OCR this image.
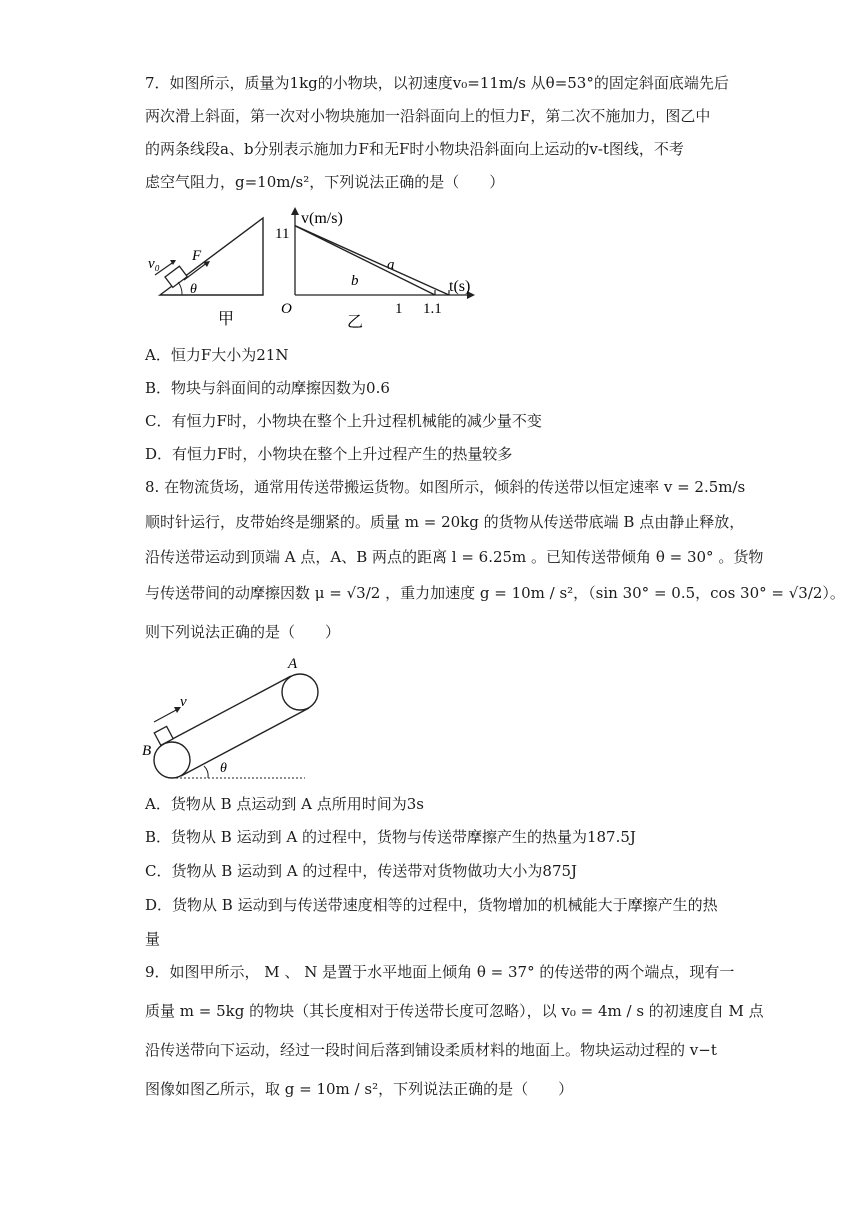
7．如图所示，质量为1kg的小物块，以初速度v₀=11m/s 从θ=53°的固定斜面底端先后
两次滑上斜面，第一次对小物块施加一沿斜面向上的恒力F，第二次不施加力，图乙中
的两条线段a、b分别表示施加力F和无F时小物块沿斜面向上运动的v-t图线，不考
虑空气阻力，g=10m/s²，下列说法正确的是（　　）
v₀ F
θ
甲
v(m/s)
t(s)
11
O	1 1.1
a
b
乙
A．恒力F大小为21N
B．物块与斜面间的动摩擦因数为0.6
C．有恒力F时，小物块在整个上升过程机械能的减少量不变
D．有恒力F时，小物块在整个上升过程产生的热量较多
8. 在物流货场，通常用传送带搬运货物。如图所示，倾斜的传送带以恒定速率 v = 2.5m/s
顺时针运行，皮带始终是绷紧的。质量 m = 20kg 的货物从传送带底端 B 点由静止释放，
沿传送带运动到顶端 A 点，A、B 两点的距离 l = 6.25m 。已知传送带倾角 θ = 30° 。货物
与传送带间的动摩擦因数 μ = √3/2 ，重力加速度 g = 10m / s²，（sin 30° = 0.5，cos 30° = √3/2）。
则下列说法正确的是（　　）
A
B
v
θ
A．货物从 B 点运动到 A 点所用时间为3s
B．货物从 B 运动到 A 的过程中，货物与传送带摩擦产生的热量为187.5J
C．货物从 B 运动到 A 的过程中，传送带对货物做功大小为875J
D．货物从 B 运动到与传送带速度相等的过程中，货物增加的机械能大于摩擦产生的热
量
9．如图甲所示， M 、 N 是置于水平地面上倾角 θ = 37° 的传送带的两个端点，现有一
质量 m = 5kg 的物块（其长度相对于传送带长度可忽略），以 v₀ = 4m / s 的初速度自 M 点
沿传送带向下运动，经过一段时间后落到铺设柔质材料的地面上。物块运动过程的 v−t
图像如图乙所示，取 g = 10m / s²，下列说法正确的是（　　）
